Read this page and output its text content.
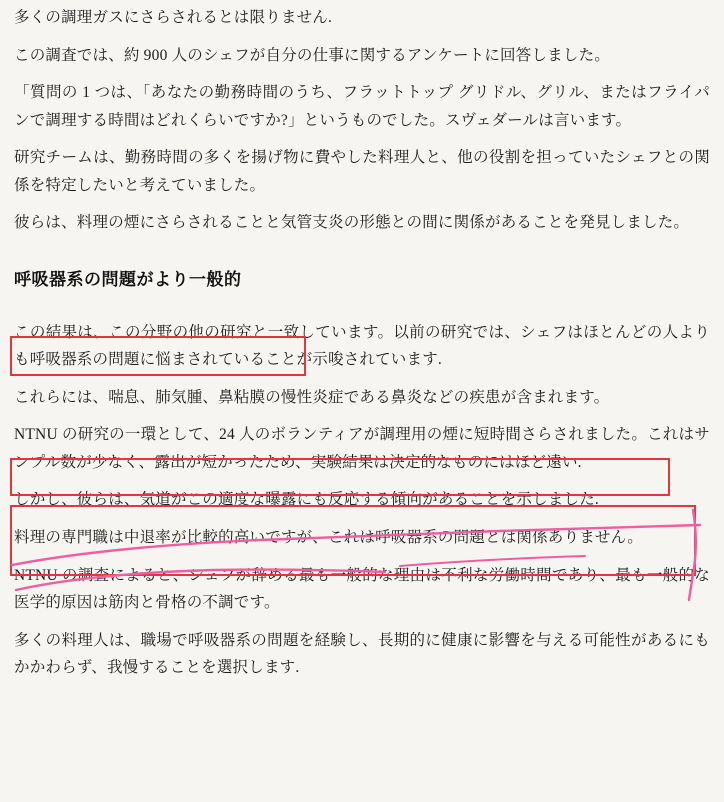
多くの調理ガスにさらされるとは限りません.

この調査では、約 900 人のシェフが自分の仕事に関するアンケートに回答しました。

「質問の 1 つは、「あなたの勤務時間のうち、フラットトップ グリドル、グリル、またはフライパンで調理する時間はどれくらいですか?」というものでした。スヴェダールは言います。

研究チームは、勤務時間の多くを揚げ物に費やした料理人と、他の役割を担っていたシェフとの関係を特定したいと考えていました。

彼らは、料理の煙にさらされることと気管支炎の形態との間に関係があることを発見しました。

呼吸器系の問題がより一般的

この結果は、この分野の他の研究と一致しています。以前の研究では、シェフはほとんどの人よりも呼吸器系の問題に悩まされていることが示唆されています.

これらには、喘息、肺気腫、鼻粘膜の慢性炎症である鼻炎などの疾患が含まれます。

NTNU の研究の一環として、24 人のボランティアが調理用の煙に短時間さらされました。これはサンプル数が少なく、露出が短かったため、実験結果は決定的なものにはほど遠い.

しかし、彼らは、気道がこの適度な曝露にも反応する傾向があることを示しました.

料理の専門職は中退率が比較的高いですが、これは呼吸器系の問題とは関係ありません。

NTNU の調査によると、シェフが辞める最も一般的な理由は不利な労働時間であり、最も一般的な医学的原因は筋肉と骨格の不調です。

多くの料理人は、職場で呼吸器系の問題を経験し、長期的に健康に影響を与える可能性があるにもかかわらず、我慢することを選択します.
